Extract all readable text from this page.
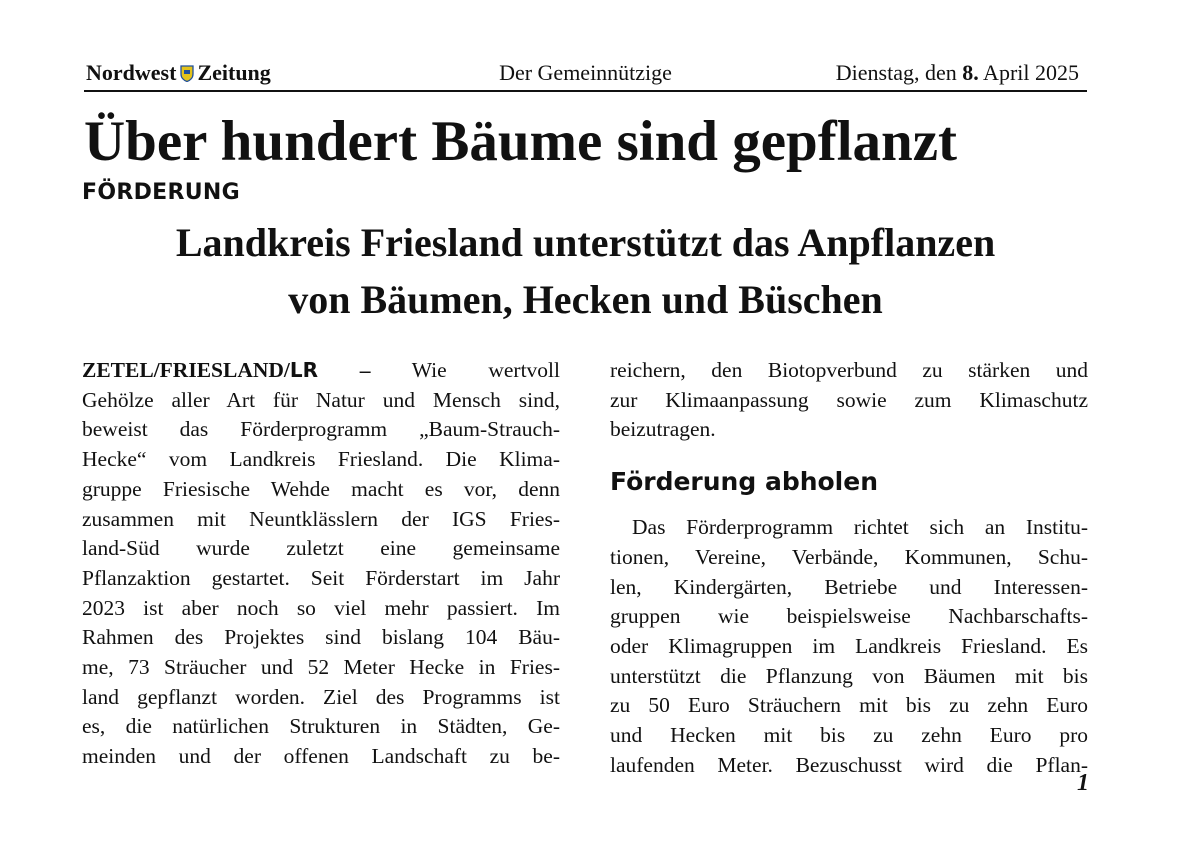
Nordwest Zeitung	Der Gemeinnützige	Dienstag, den 8. April 2025
Über hundert Bäume sind gepflanzt
FÖRDERUNG
Landkreis Friesland unterstützt das Anpflanzen
von Bäumen, Hecken und Büschen
ZETEL/FRIESLAND/LR – Wie wertvoll
Gehölze aller Art für Natur und Mensch sind,
beweist das Förderprogramm „Baum-Strauch-
Hecke“ vom Landkreis Friesland. Die Klima-
gruppe Friesische Wehde macht es vor, denn
zusammen mit Neuntklässlern der IGS Fries-
land-Süd wurde zuletzt eine gemeinsame
Pflanzaktion gestartet. Seit Förderstart im Jahr
2023 ist aber noch so viel mehr passiert. Im
Rahmen des Projektes sind bislang 104 Bäu-
me, 73 Sträucher und 52 Meter Hecke in Fries-
land gepflanzt worden. Ziel des Programms ist
es, die natürlichen Strukturen in Städten, Ge-
meinden und der offenen Landschaft zu be-
reichern, den Biotopverbund zu stärken und
zur Klimaanpassung sowie zum Klimaschutz
beizutragen.
Förderung abholen
Das Förderprogramm richtet sich an Institu-
tionen, Vereine, Verbände, Kommunen, Schu-
len, Kindergärten, Betriebe und Interessen-
gruppen wie beispielsweise Nachbarschafts-
oder Klimagruppen im Landkreis Friesland. Es
unterstützt die Pflanzung von Bäumen mit bis
zu 50 Euro Sträuchern mit bis zu zehn Euro
und Hecken mit bis zu zehn Euro pro
laufenden Meter. Bezuschusst wird die Pflan-
1
